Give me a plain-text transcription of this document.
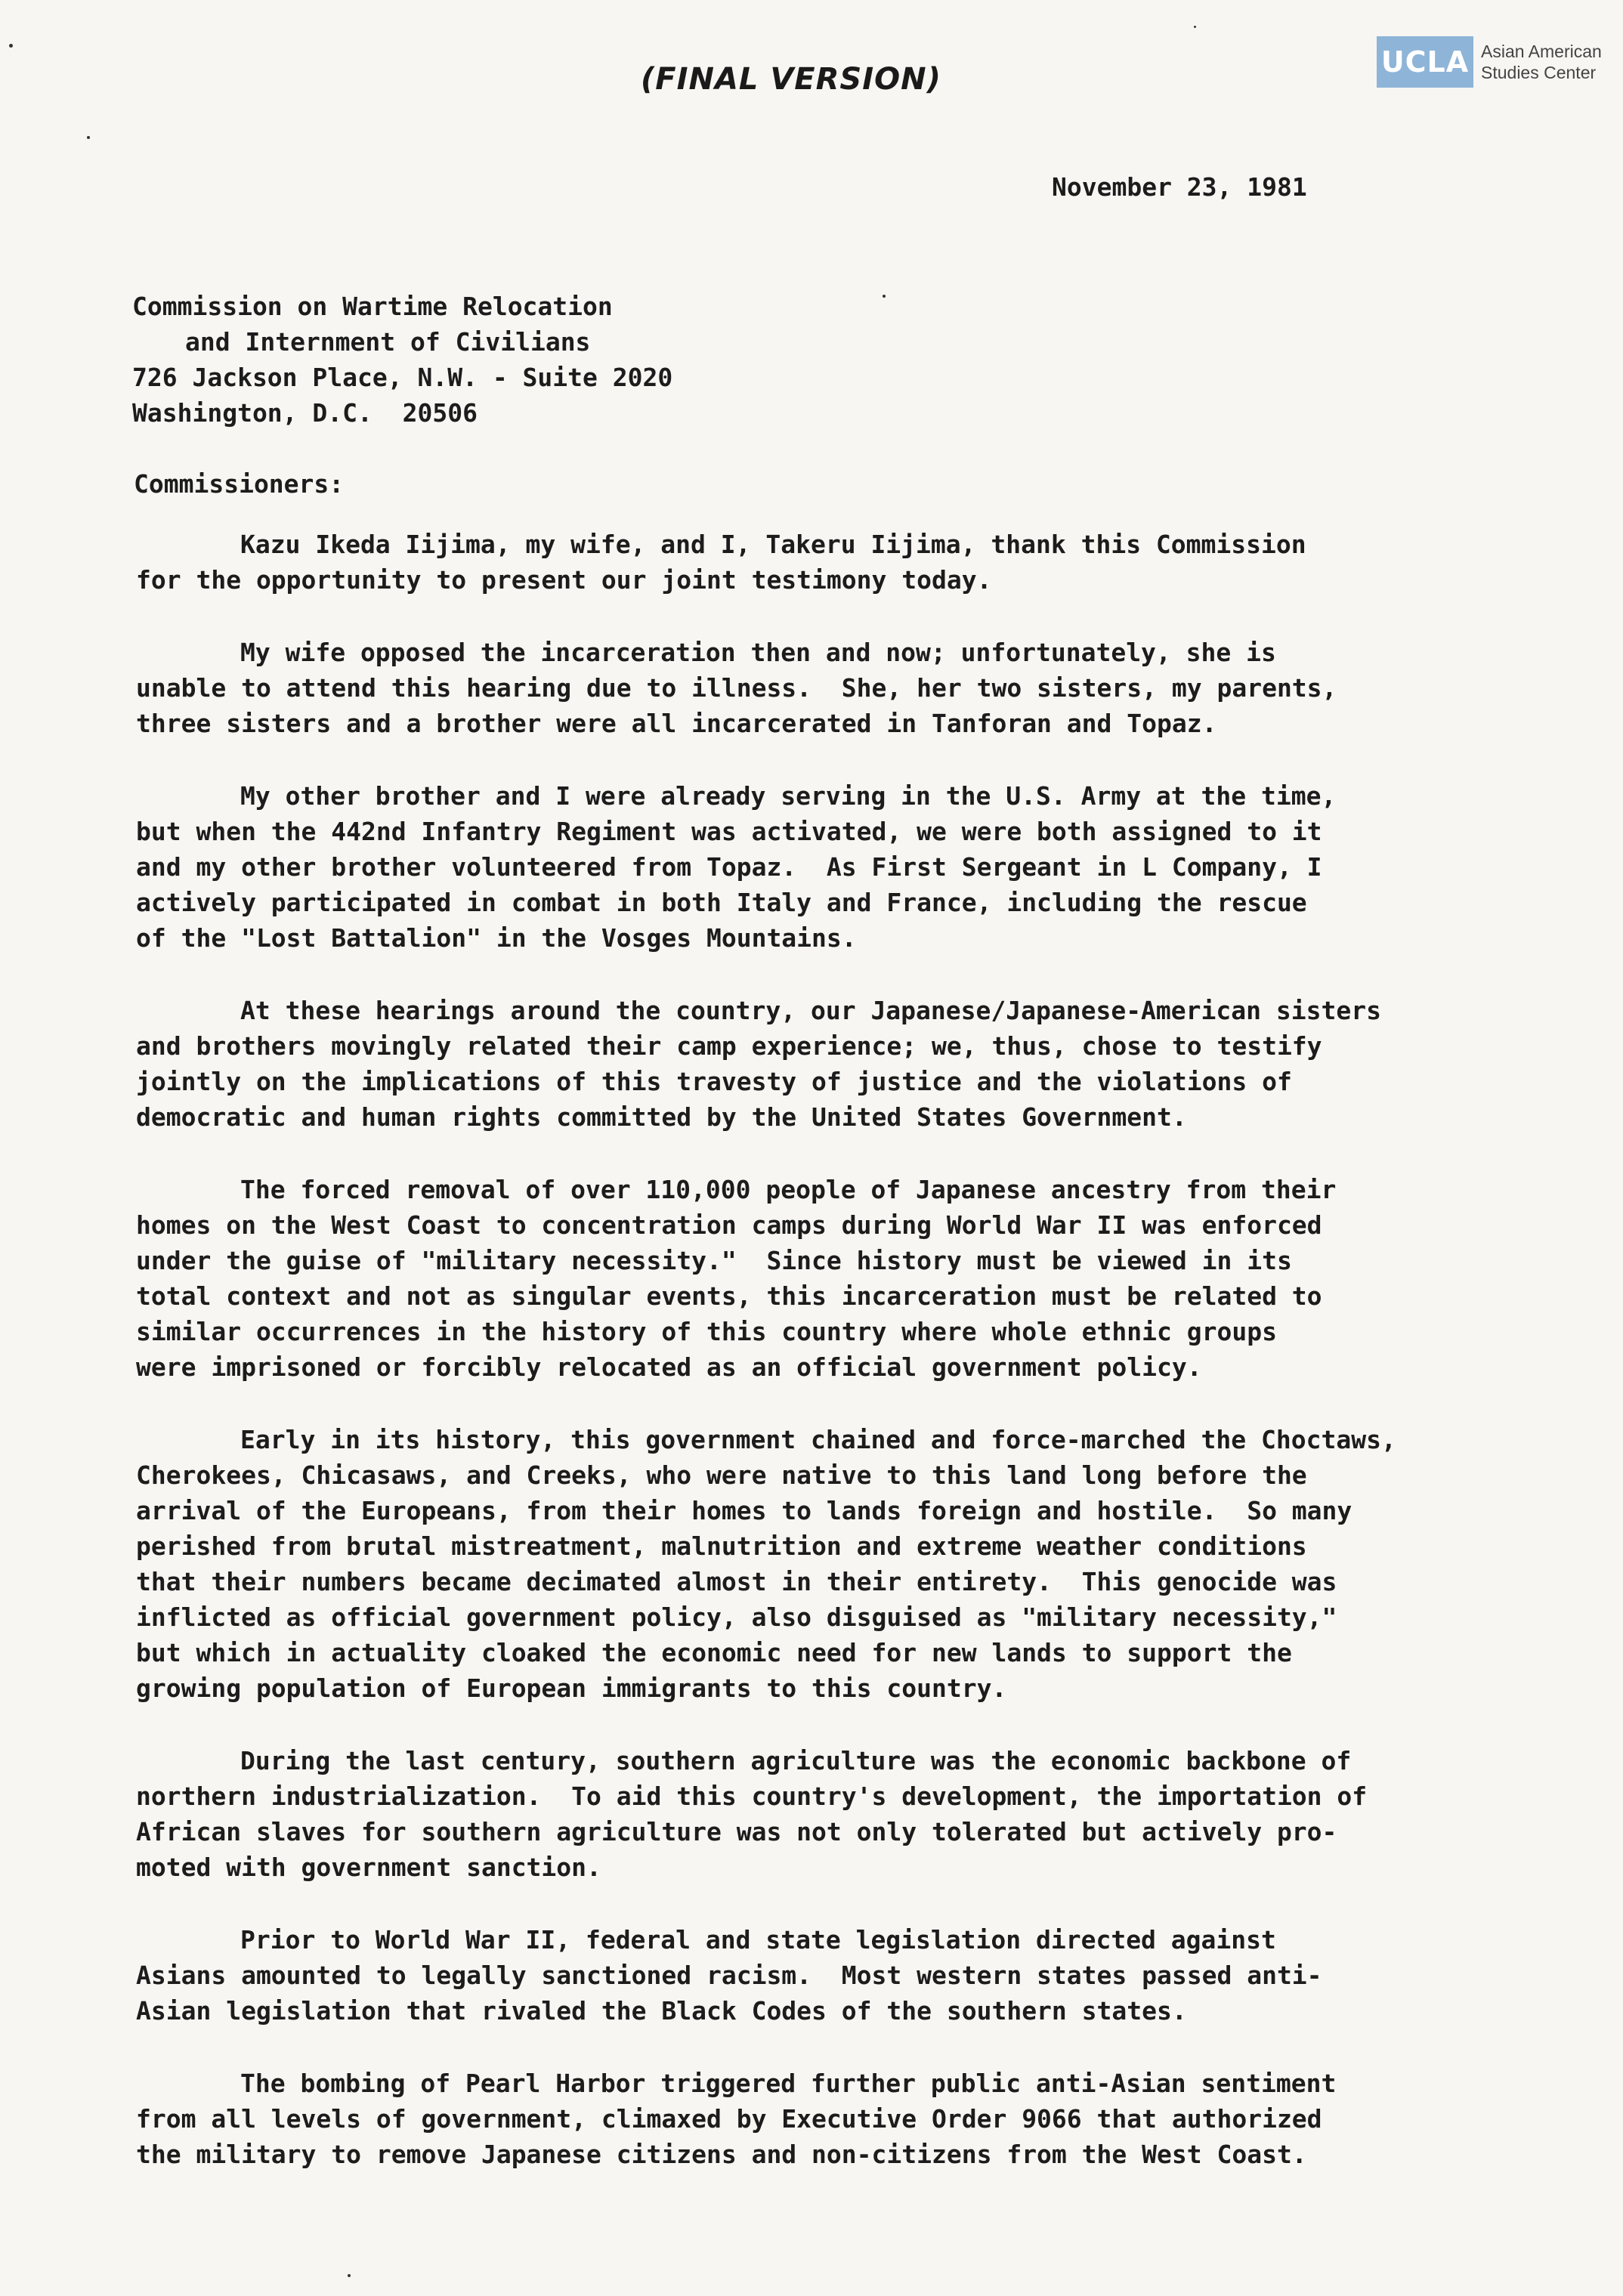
(FINAL VERSION)	UCLA Asian American
Studies Center
November 23, 1981
Commission on Wartime Relocation
and Internment of Civilians
726 Jackson Place, N.W. - Suite 2020
Washington, D.C.  20506
Commissioners:
Kazu Ikeda Iijima, my wife, and I, Takeru Iijima, thank this Commission
for the opportunity to present our joint testimony today.
My wife opposed the incarceration then and now; unfortunately, she is
unable to attend this hearing due to illness.  She, her two sisters, my parents,
three sisters and a brother were all incarcerated in Tanforan and Topaz.
My other brother and I were already serving in the U.S. Army at the time,
but when the 442nd Infantry Regiment was activated, we were both assigned to it
and my other brother volunteered from Topaz.  As First Sergeant in L Company, I
actively participated in combat in both Italy and France, including the rescue
of the "Lost Battalion" in the Vosges Mountains.
At these hearings around the country, our Japanese/Japanese-American sisters
and brothers movingly related their camp experience; we, thus, chose to testify
jointly on the implications of this travesty of justice and the violations of
democratic and human rights committed by the United States Government.
The forced removal of over 110,000 people of Japanese ancestry from their
homes on the West Coast to concentration camps during World War II was enforced
under the guise of "military necessity."  Since history must be viewed in its
total context and not as singular events, this incarceration must be related to
similar occurrences in the history of this country where whole ethnic groups
were imprisoned or forcibly relocated as an official government policy.
Early in its history, this government chained and force-marched the Choctaws,
Cherokees, Chicasaws, and Creeks, who were native to this land long before the
arrival of the Europeans, from their homes to lands foreign and hostile.  So many
perished from brutal mistreatment, malnutrition and extreme weather conditions
that their numbers became decimated almost in their entirety.  This genocide was
inflicted as official government policy, also disguised as "military necessity,"
but which in actuality cloaked the economic need for new lands to support the
growing population of European immigrants to this country.
During the last century, southern agriculture was the economic backbone of
northern industrialization.  To aid this country's development, the importation of
African slaves for southern agriculture was not only tolerated but actively pro-
moted with government sanction.
Prior to World War II, federal and state legislation directed against
Asians amounted to legally sanctioned racism.  Most western states passed anti-
Asian legislation that rivaled the Black Codes of the southern states.
The bombing of Pearl Harbor triggered further public anti-Asian sentiment
from all levels of government, climaxed by Executive Order 9066 that authorized
the military to remove Japanese citizens and non-citizens from the West Coast.
